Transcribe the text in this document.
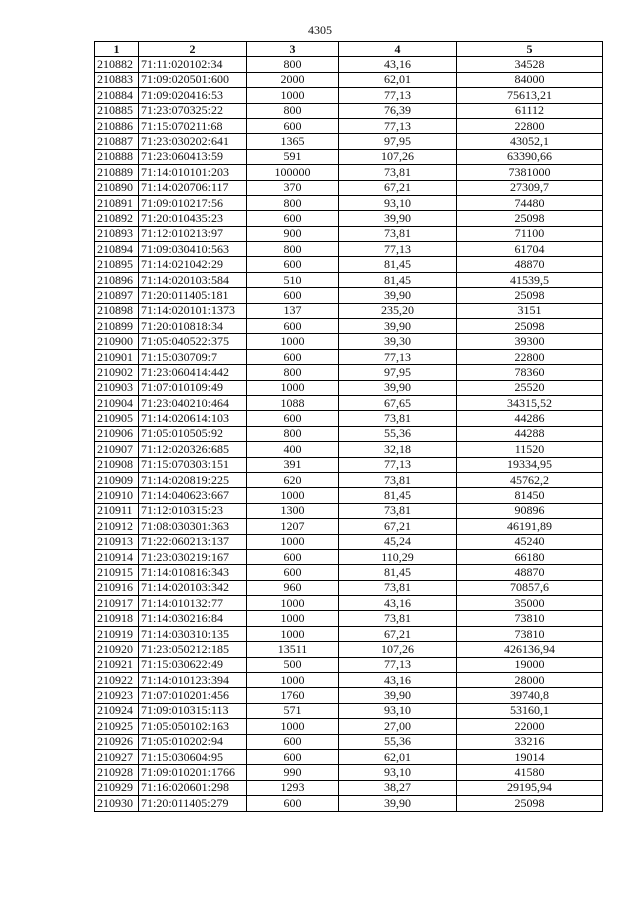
4305
1	2	3	4	5
210882	71:11:020102:34	800	43,16	34528
210883	71:09:020501:600	2000	62,01	84000
210884	71:09:020416:53	1000	77,13	75613,21
210885	71:23:070325:22	800	76,39	61112
210886	71:15:070211:68	600	77,13	22800
210887	71:23:030202:641	1365	97,95	43052,1
210888	71:23:060413:59	591	107,26	63390,66
210889	71:14:010101:203	100000	73,81	7381000
210890	71:14:020706:117	370	67,21	27309,7
210891	71:09:010217:56	800	93,10	74480
210892	71:20:010435:23	600	39,90	25098
210893	71:12:010213:97	900	73,81	71100
210894	71:09:030410:563	800	77,13	61704
210895	71:14:021042:29	600	81,45	48870
210896	71:14:020103:584	510	81,45	41539,5
210897	71:20:011405:181	600	39,90	25098
210898	71:14:020101:1373	137	235,20	3151
210899	71:20:010818:34	600	39,90	25098
210900	71:05:040522:375	1000	39,30	39300
210901	71:15:030709:7	600	77,13	22800
210902	71:23:060414:442	800	97,95	78360
210903	71:07:010109:49	1000	39,90	25520
210904	71:23:040210:464	1088	67,65	34315,52
210905	71:14:020614:103	600	73,81	44286
210906	71:05:010505:92	800	55,36	44288
210907	71:12:020326:685	400	32,18	11520
210908	71:15:070303:151	391	77,13	19334,95
210909	71:14:020819:225	620	73,81	45762,2
210910	71:14:040623:667	1000	81,45	81450
210911	71:12:010315:23	1300	73,81	90896
210912	71:08:030301:363	1207	67,21	46191,89
210913	71:22:060213:137	1000	45,24	45240
210914	71:23:030219:167	600	110,29	66180
210915	71:14:010816:343	600	81,45	48870
210916	71:14:020103:342	960	73,81	70857,6
210917	71:14:010132:77	1000	43,16	35000
210918	71:14:030216:84	1000	73,81	73810
210919	71:14:030310:135	1000	67,21	73810
210920	71:23:050212:185	13511	107,26	426136,94
210921	71:15:030622:49	500	77,13	19000
210922	71:14:010123:394	1000	43,16	28000
210923	71:07:010201:456	1760	39,90	39740,8
210924	71:09:010315:113	571	93,10	53160,1
210925	71:05:050102:163	1000	27,00	22000
210926	71:05:010202:94	600	55,36	33216
210927	71:15:030604:95	600	62,01	19014
210928	71:09:010201:1766	990	93,10	41580
210929	71:16:020601:298	1293	38,27	29195,94
210930	71:20:011405:279	600	39,90	25098
